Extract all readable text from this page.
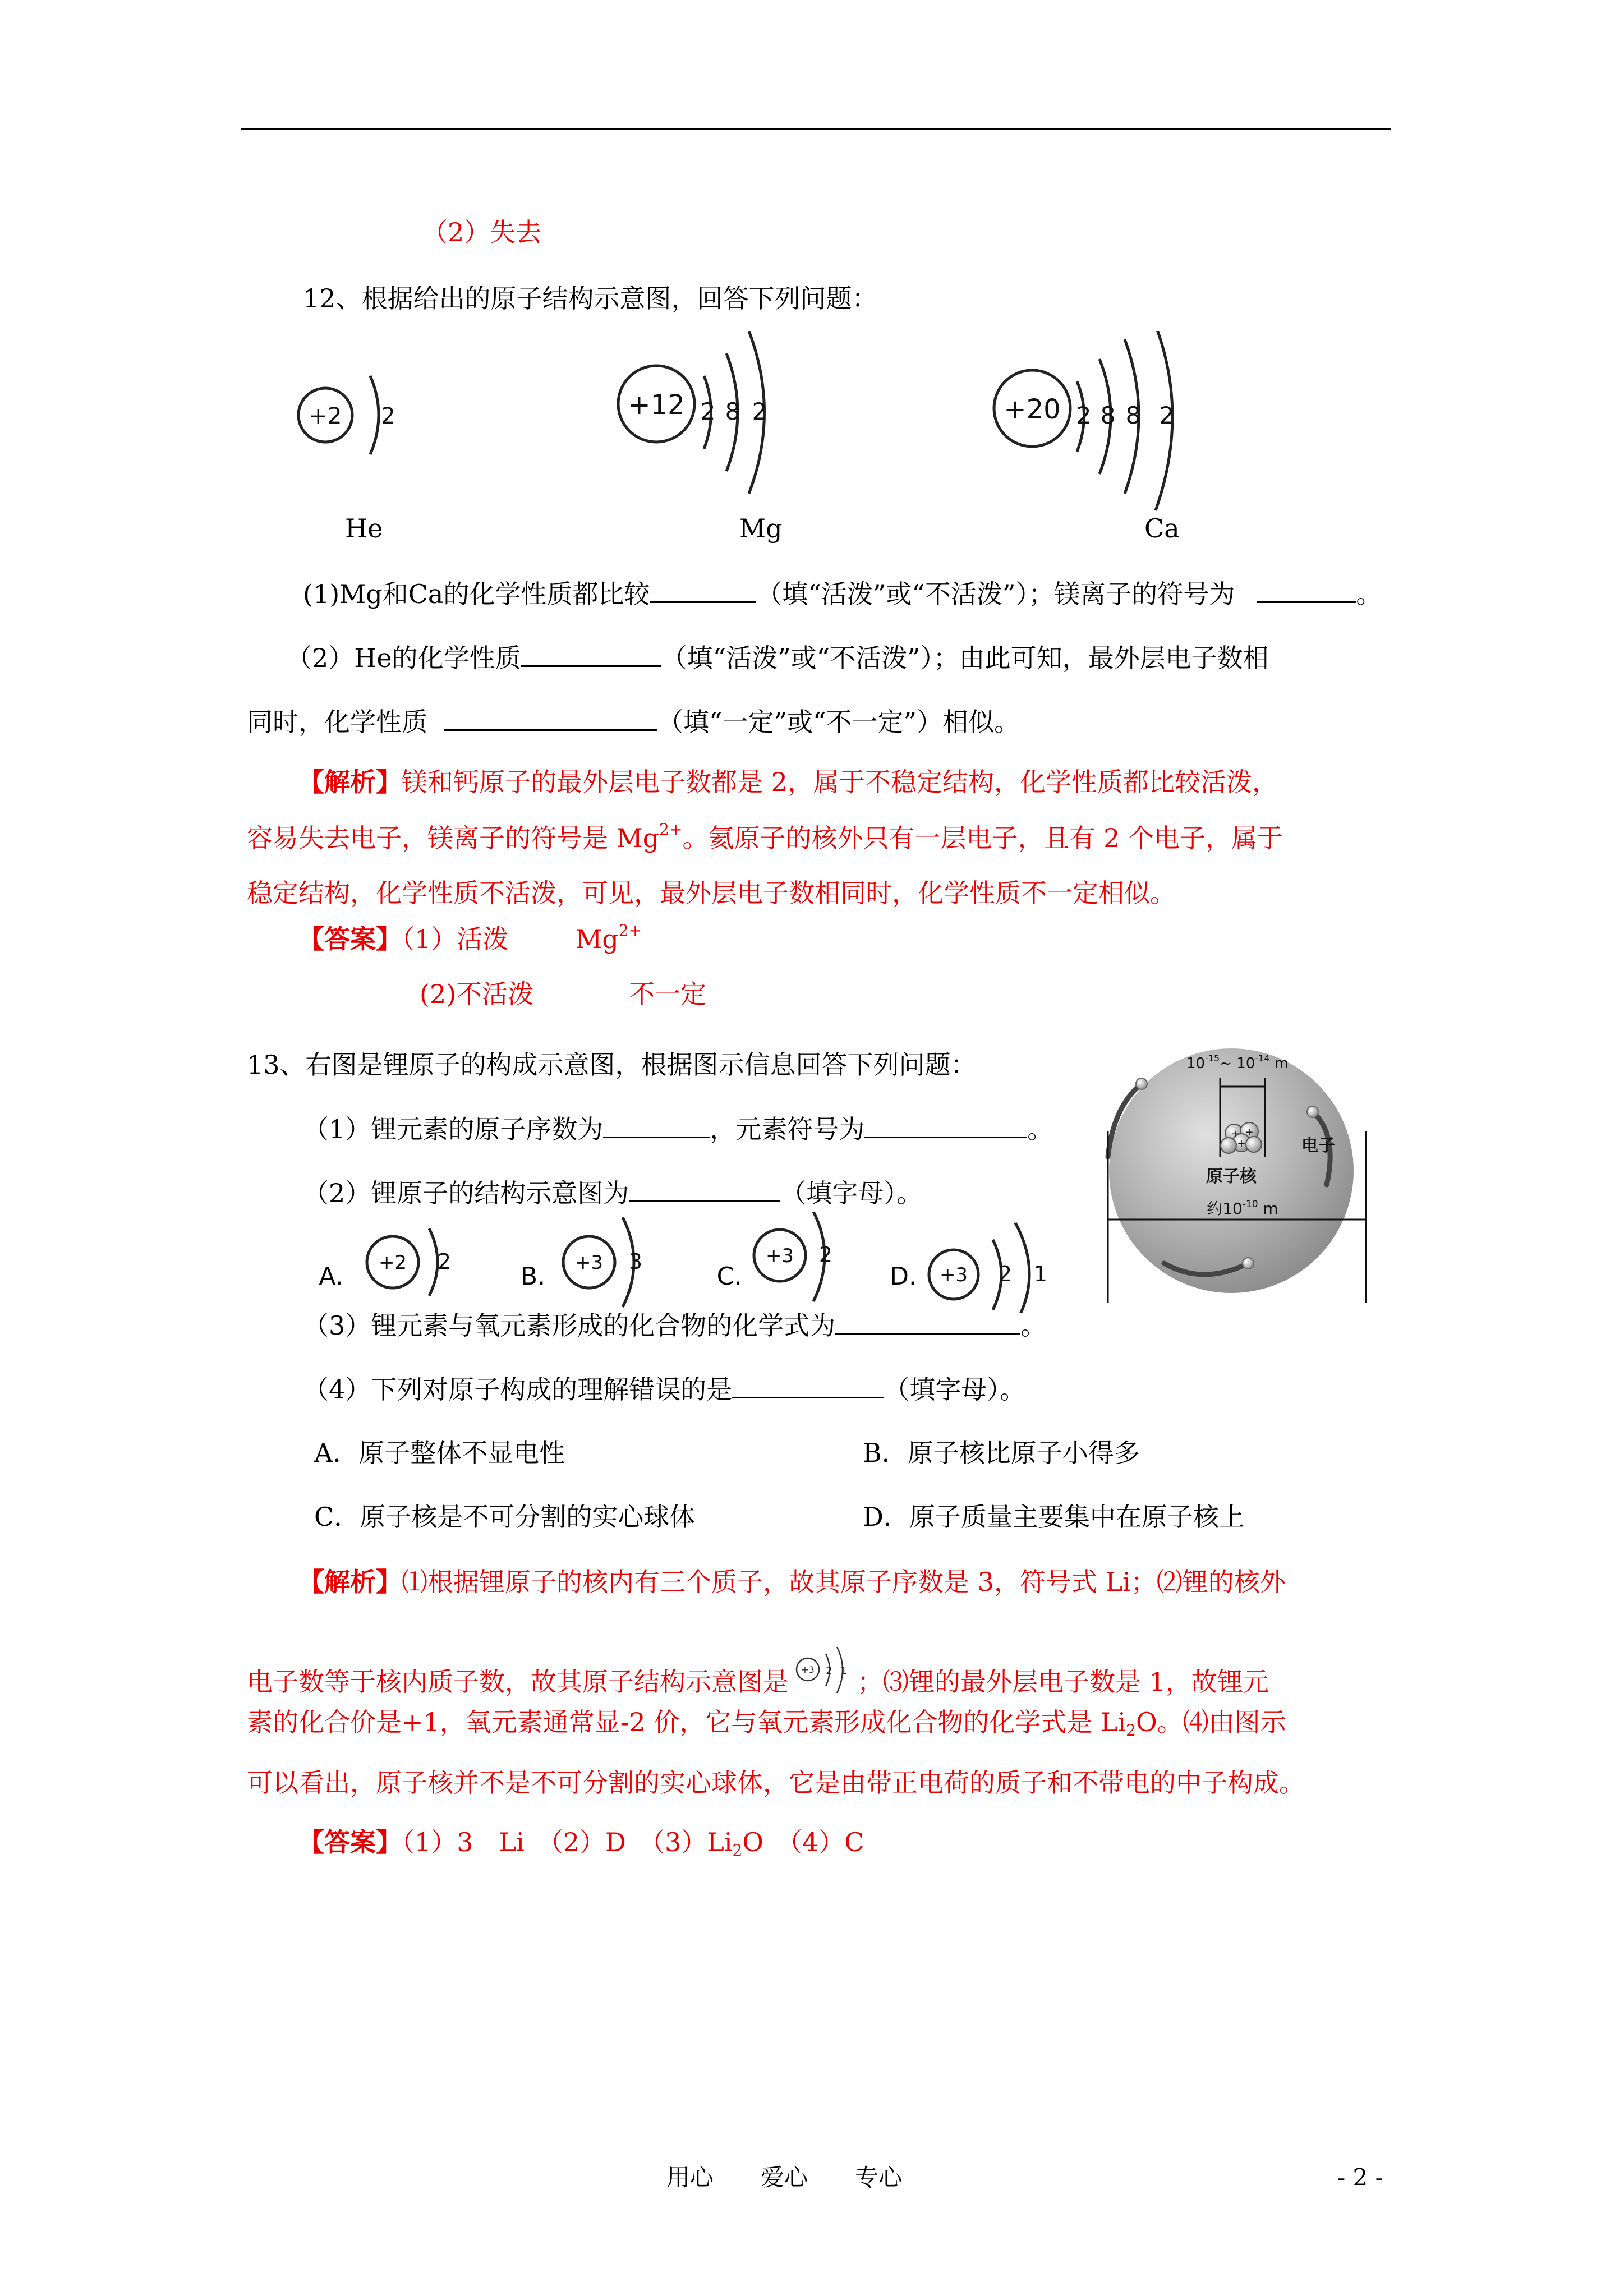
（2）失去
12、根据给出的原子结构示意图，回答下列问题：
+2 2	+12 2 8 2	+20 2 8 8 2
He	Mg	Ca
(1)Mg和Ca的化学性质都比较	（填“活泼”或“不活泼”）；镁离子的符号为	。
（2）He的化学性质	（填“活泼”或“不活泼”）；由此可知，最外层电子数相
同时，化学性质	（填“一定”或“不一定”）相似。
【解析】镁和钙原子的最外层电子数都是 2，属于不稳定结构，化学性质都比较活泼，
容易失去电子，镁离子的符号是 $Mg^{2+}$。氦原子的核外只有一层电子，且有 2 个电子，属于
稳定结构，化学性质不活泼，可见，最外层电子数相同时，化学性质不一定相似。
【答案】（1）活泼	$Mg^{2+}$
(2)不活泼	不一定
13、右图是锂原子的构成示意图，根据图示信息回答下列问题：
（1）锂元素的原子序数为	，元素符号为	。
（2）锂原子的结构示意图为	（填字母）。
A. +2 2
B. +3 3
C.
+3 2
D. +3 2 1
（3）锂元素与氧元素形成的化合物的化学式为	。
（4）下列对原子构成的理解错误的是	（填字母）。
A．原子整体不显电性	B．原子核比原子小得多
C．原子核是不可分割的实心球体	D．原子质量主要集中在原子核上
$10^{-15}\sim$ $10^{-14}$ m
+ +
+
原子核
电子
约$10^{-10}$ m
【解析】⑴根据锂原子的核内有三个质子，故其原子序数是 3，符号式 Li；⑵锂的核外
电子数等于核内质子数，故其原子结构示意图是 +3 2 1 ；⑶锂的最外层电子数是 1，故锂元
素的化合价是+1，氧元素通常显-2 价，它与氧元素形成化合物的化学式是 $Li_2O$。⑷由图示
可以看出，原子核并不是不可分割的实心球体，它是由带正电荷的质子和不带电的中子构成。
【答案】（1）3　Li　（2）D　$(3)Li_2O$　（4）C
用心　　爱心　　专心	- 2 -
